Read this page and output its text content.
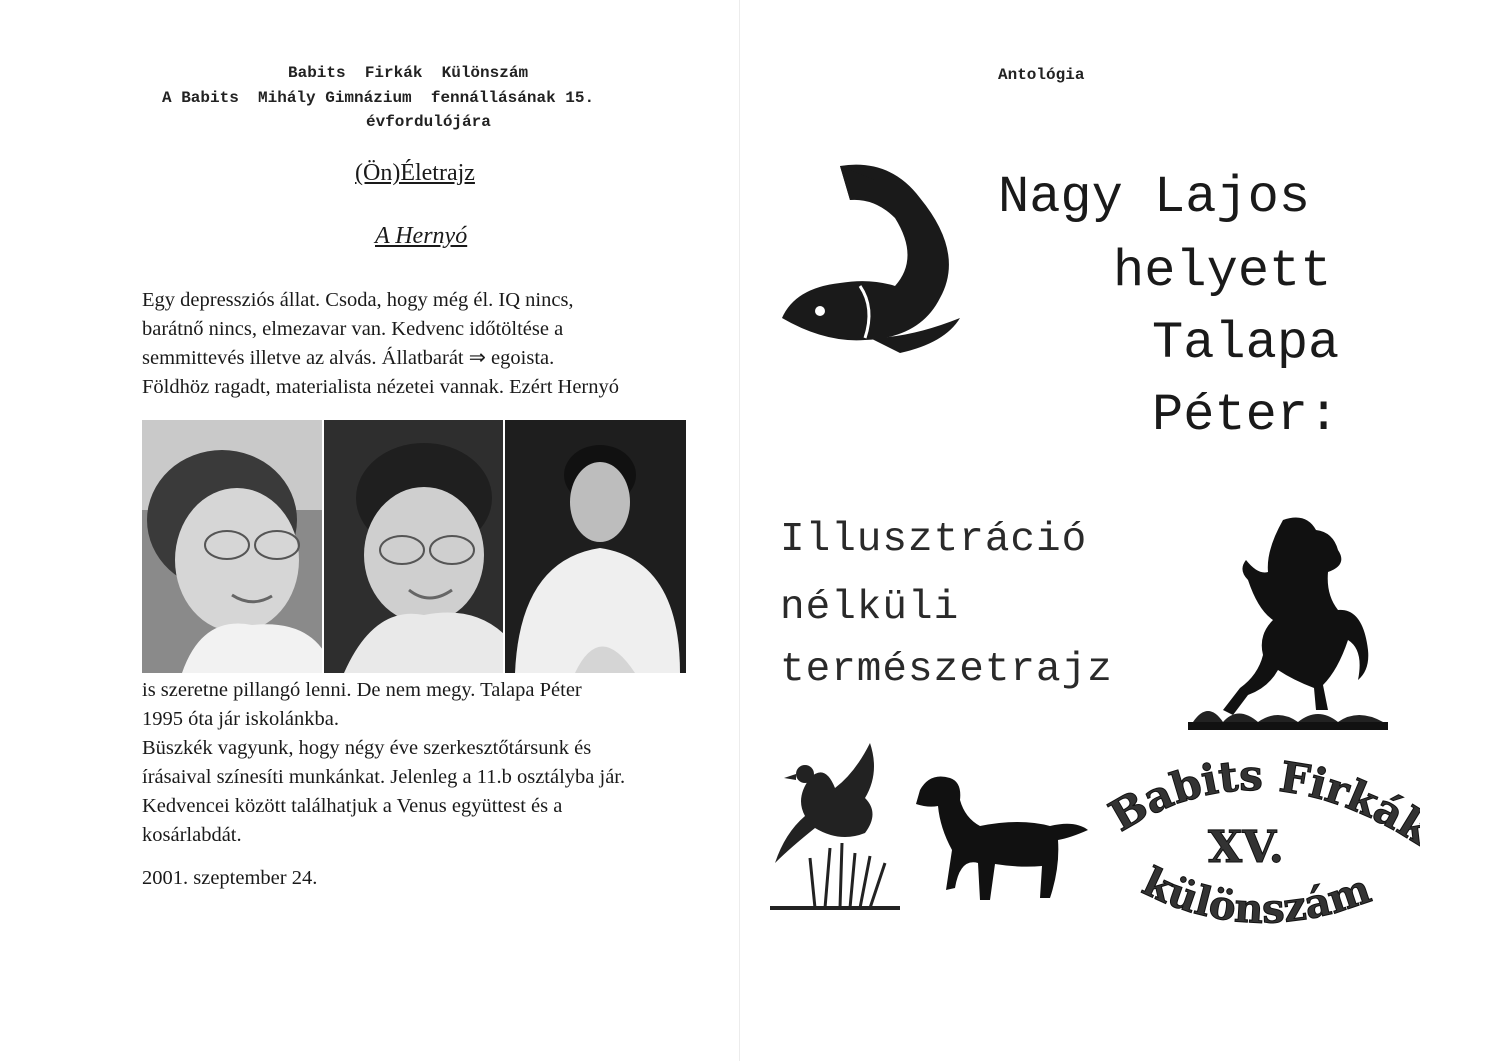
Babits  Firkák  Különszám
A Babits  Mihály Gimnázium  fennállásának 15.
évfordulójára
(Ön)Életrajz
A Hernyó
Egy depressziós állat. Csoda, hogy még él. IQ nincs,
barátnő nincs, elmezavar van. Kedvenc időtöltése a
semmittevés illetve az alvás. Állatbarát ⇒ egoista.
Földhöz ragadt, materialista nézetei vannak. Ezért Hernyó
is szeretne pillangó lenni. De nem megy. Talapa Péter
1995 óta jár iskolánkba.
Büszkék vagyunk, hogy négy éve szerkesztőtársunk és
írásaival színesíti munkánkat. Jelenleg a 11.b osztályba jár.
Kedvencei között találhatjuk a Venus együttest és a
kosárlabdát.
2001. szeptember 24.
Antológia
Nagy Lajos
helyett
Talapa
Péter:
Illusztráció
nélküli
természetrajz
Babits Firká
XV.
különszám
